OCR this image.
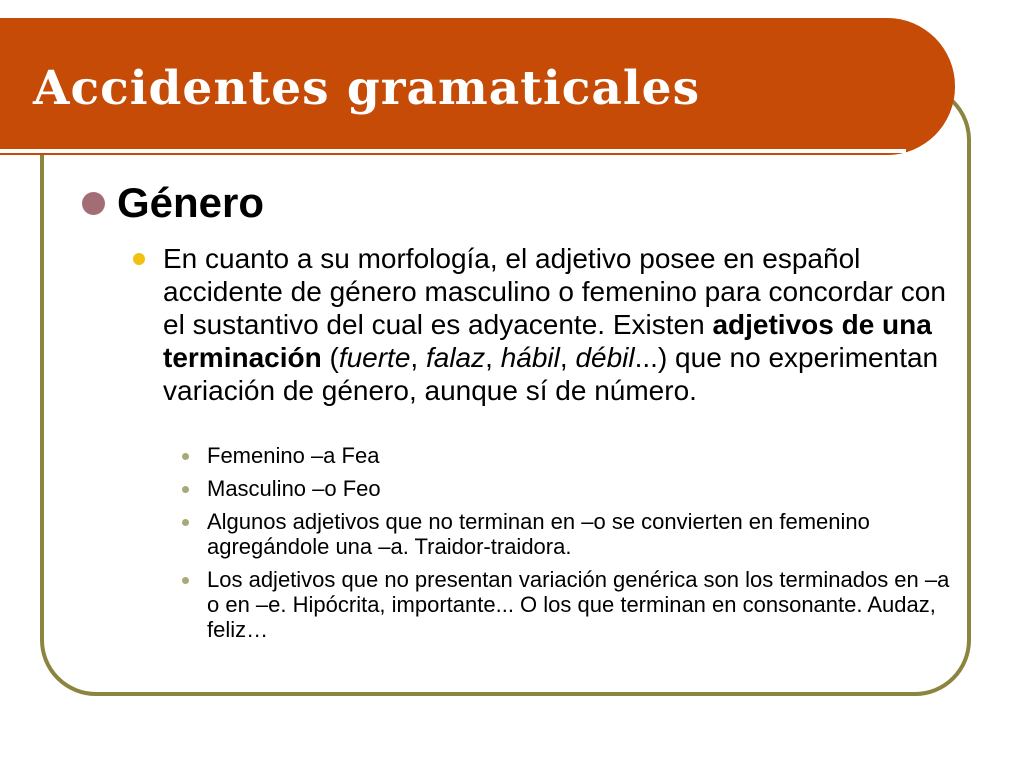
Accidentes gramaticales
Género
En cuanto a su morfología, el adjetivo posee en español accidente de género masculino o femenino para concordar con el sustantivo del cual es adyacente. Existen adjetivos de una terminación (fuerte, falaz, hábil, débil...) que no experimentan variación de género, aunque sí de número.
Femenino –a Fea
Masculino –o Feo
Algunos adjetivos que no terminan en –o se convierten en femenino agregándole una –a. Traidor-traidora.
Los adjetivos que no presentan variación genérica son los terminados en –a o en –e. Hipócrita, importante... O los que terminan en consonante. Audaz, feliz…
